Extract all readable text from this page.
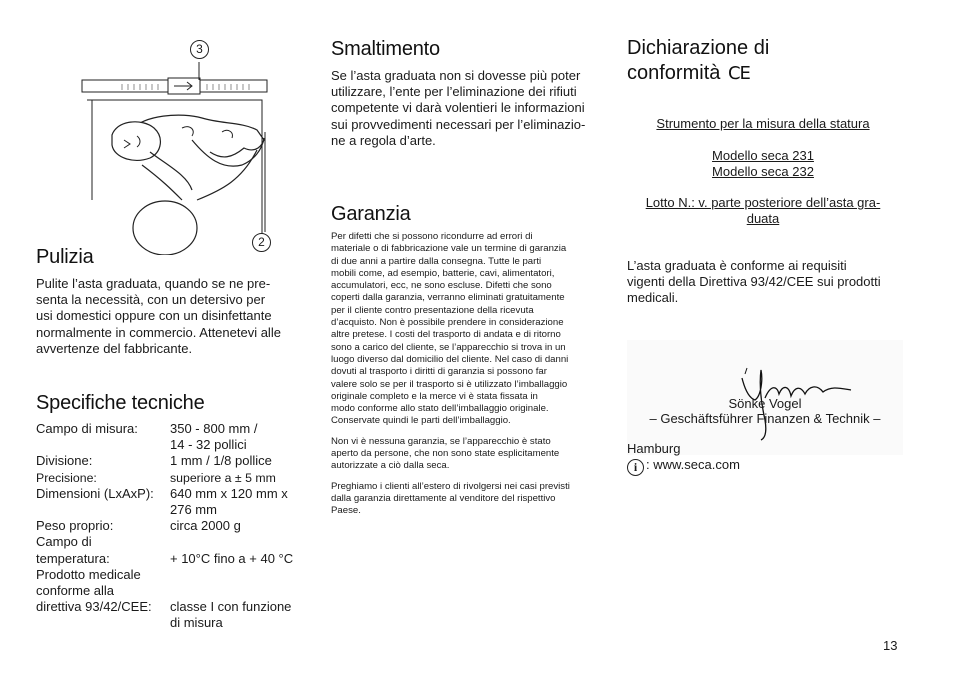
3
2
Pulizia

Pulite l’asta graduata, quando se ne pre-

senta la necessità, con un detersivo per

usi domestici oppure con un disinfettante

normalmente in commercio. Attenetevi alle

avvertenze del fabbricante.

Specifiche tecniche
Campo di misura:	350 - 800 mm /
14 - 32 pollici
Divisione:	1 mm / 1/8 pollice
Precisione:	superiore a ± 5 mm
Dimensioni (LxAxP):	640 mm x 120 mm x
276 mm
Peso proprio:	circa 2000 g
Campo di
temperatura:	+ 10°C fino a + 40 °C
Prodotto medicale
conforme alla
direttiva 93/42/CEE:	classe I con funzione
di misura
Smaltimento

Se l’asta graduata non si dovesse più poter

utilizzare, l’ente per l’eliminazione dei rifiuti

competente vi darà volentieri le informazioni

sui provvedimenti necessari per l’eliminazio-

ne a regola d’arte.

Garanzia
Per difetti che si possono ricondurre ad errori di
materiale o di fabbricazione vale un termine di garanzia
di due anni a partire dalla consegna. Tutte le parti
mobili come, ad esempio, batterie, cavi, alimentatori,
accumulatori, ecc, ne sono escluse. Difetti che sono
coperti dalla garanzia, verranno eliminati gratuitamente
per il cliente contro presentazione della ricevuta
d’acquisto. Non è possibile prendere in considerazione
altre pretese. I costi del trasporto di andata e di ritorno
sono a carico del cliente, se l’apparecchio si trova in un
luogo diverso dal domicilio del cliente. Nel caso di danni
dovuti al trasporto i diritti di garanzia si possono far
valere solo se per il trasporto si è utilizzato l’imballaggio
originale completo e la merce vi è stata fissata in
modo conforme allo stato dell’imballaggio originale.
Conservate quindi le parti dell’imballaggio.
Non vi è nessuna garanzia, se l’apparecchio è stato
aperto da persone, che non sono state esplicitamente
autorizzate a ciò dalla seca.
Preghiamo i clienti all’estero di rivolgersi nei casi previsti
dalla garanzia direttamente al venditore del rispettivo
Paese.
Dichiarazione di
conformità CE
Strumento per la misura della statura
Modello seca 231
Modello seca 232
Lotto N.: v. parte posteriore dell’asta gra-
duata

L’asta graduata è conforme ai requisiti

vigenti della Direttiva 93/42/CEE sui prodotti

medicali.

Sönke Vogel
– Geschäftsführer Finanzen & Technik –

Hamburg

i : www.seca.com
13
